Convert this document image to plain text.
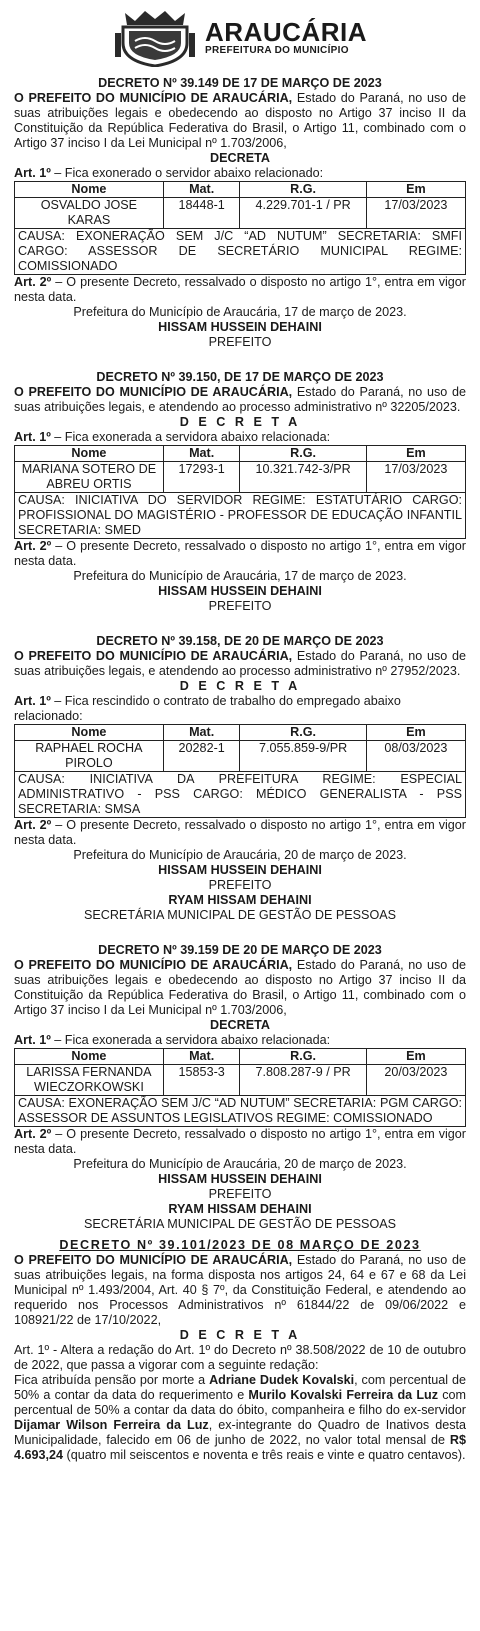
ARAUCÁRIA
PREFEITURA DO MUNICÍPIO
DECRETO Nº 39.149 DE 17 DE MARÇO DE 2023
O PREFEITO DO MUNICÍPIO DE ARAUCÁRIA, Estado do Paraná, no uso de suas atribuições legais e obedecendo ao disposto no Artigo 37 inciso II da Constituição da República Federativa do Brasil, o Artigo 11, combinado com o Artigo 37 inciso I da Lei Municipal nº 1.703/2006,
DECRETA
Art. 1º – Fica exonerado o servidor abaixo relacionado:
Nome	Mat.	R.G.	Em
OSVALDO JOSE KARAS	18448-1	4.229.701-1 / PR	17/03/2023
CAUSA: EXONERAÇÃO SEM J/C “AD NUTUM” SECRETARIA: SMFI CARGO: ASSESSOR DE SECRETÁRIO MUNICIPAL REGIME: COMISSIONADO
Art. 2º – O presente Decreto, ressalvado o disposto no artigo 1°, entra em vigor nesta data.
Prefeitura do Município de Araucária, 17 de março de 2023.
HISSAM HUSSEIN DEHAINI
PREFEITO
DECRETO Nº 39.150, DE 17 DE MARÇO DE 2023
O PREFEITO DO MUNICÍPIO DE ARAUCÁRIA, Estado do Paraná, no uso de suas atribuições legais, e atendendo ao processo administrativo nº 32205/2023.
D E C R E T A
Art. 1º – Fica exonerada a servidora abaixo relacionada:
Nome	Mat.	R.G.	Em
MARIANA SOTERO DE ABREU ORTIS	17293-1	10.321.742-3/PR	17/03/2023
CAUSA: INICIATIVA DO SERVIDOR REGIME: ESTATUTÁRIO CARGO: PROFISSIONAL DO MAGISTÉRIO - PROFESSOR DE EDUCAÇÃO INFANTIL SECRETARIA: SMED
Art. 2º – O presente Decreto, ressalvado o disposto no artigo 1°, entra em vigor nesta data.
Prefeitura do Município de Araucária, 17 de março de 2023.
HISSAM HUSSEIN DEHAINI
PREFEITO
DECRETO Nº 39.158, DE 20 DE MARÇO DE 2023
O PREFEITO DO MUNICÍPIO DE ARAUCÁRIA, Estado do Paraná, no uso de suas atribuições legais, e atendendo ao processo administrativo nº 27952/2023.
D E C R E T A
Art. 1º – Fica rescindido o contrato de trabalho do empregado abaixo relacionado:
Nome	Mat.	R.G.	Em
RAPHAEL ROCHA PIROLO	20282-1	7.055.859-9/PR	08/03/2023
CAUSA: INICIATIVA DA PREFEITURA REGIME: ESPECIAL ADMINISTRATIVO - PSS CARGO: MÉDICO GENERALISTA - PSS SECRETARIA: SMSA
Art. 2º – O presente Decreto, ressalvado o disposto no artigo 1°, entra em vigor nesta data.
Prefeitura do Município de Araucária, 20 de março de 2023.
HISSAM HUSSEIN DEHAINI
PREFEITO
RYAM HISSAM DEHAINI
SECRETÁRIA MUNICIPAL DE GESTÃO DE PESSOAS
DECRETO Nº 39.159 DE 20 DE MARÇO DE 2023
O PREFEITO DO MUNICÍPIO DE ARAUCÁRIA, Estado do Paraná, no uso de suas atribuições legais e obedecendo ao disposto no Artigo 37 inciso II da Constituição da República Federativa do Brasil, o Artigo 11, combinado com o Artigo 37 inciso I da Lei Municipal nº 1.703/2006,
DECRETA
Art. 1º – Fica exonerada a servidora abaixo relacionada:
Nome	Mat.	R.G.	Em
LARISSA FERNANDA WIECZORKOWSKI	15853-3	7.808.287-9 / PR	20/03/2023
CAUSA: EXONERAÇÃO SEM J/C “AD NUTUM” SECRETARIA: PGM CARGO: ASSESSOR DE ASSUNTOS LEGISLATIVOS REGIME: COMISSIONADO
Art. 2º – O presente Decreto, ressalvado o disposto no artigo 1°, entra em vigor nesta data.
Prefeitura do Município de Araucária, 20 de março de 2023.
HISSAM HUSSEIN DEHAINI
PREFEITO
RYAM HISSAM DEHAINI
SECRETÁRIA MUNICIPAL DE GESTÃO DE PESSOAS
DECRETO Nº 39.101/2023 DE 08 MARÇO DE 2023
O PREFEITO DO MUNICÍPIO DE ARAUCÁRIA, Estado do Paraná, no uso de suas atribuições legais, na forma disposta nos artigos 24, 64 e 67 e 68 da Lei Municipal nº 1.493/2004, Art. 40 § 7º, da Constituição Federal, e atendendo ao requerido nos Processos Administrativos nº 61844/22 de 09/06/2022 e 108921/22 de 17/10/2022,
D E C R E T A

Art. 1º - Altera a redação do Art. 1º do Decreto nº 38.508/2022 de 10 de outubro de 2022, que passa a vigorar com a seguinte redação:

Fica atribuída pensão por morte a Adriane Dudek Kovalski, com percentual de 50% a contar da data do requerimento e Murilo Kovalski Ferreira da Luz com percentual de 50% a contar da data do óbito, companheira e filho do ex-servidor Dijamar Wilson Ferreira da Luz, ex-integrante do Quadro de Inativos desta Municipalidade, falecido em 06 de junho de 2022, no valor total mensal de R$ 4.693,24 (quatro mil seiscentos e noventa e três reais e vinte e quatro centavos).
